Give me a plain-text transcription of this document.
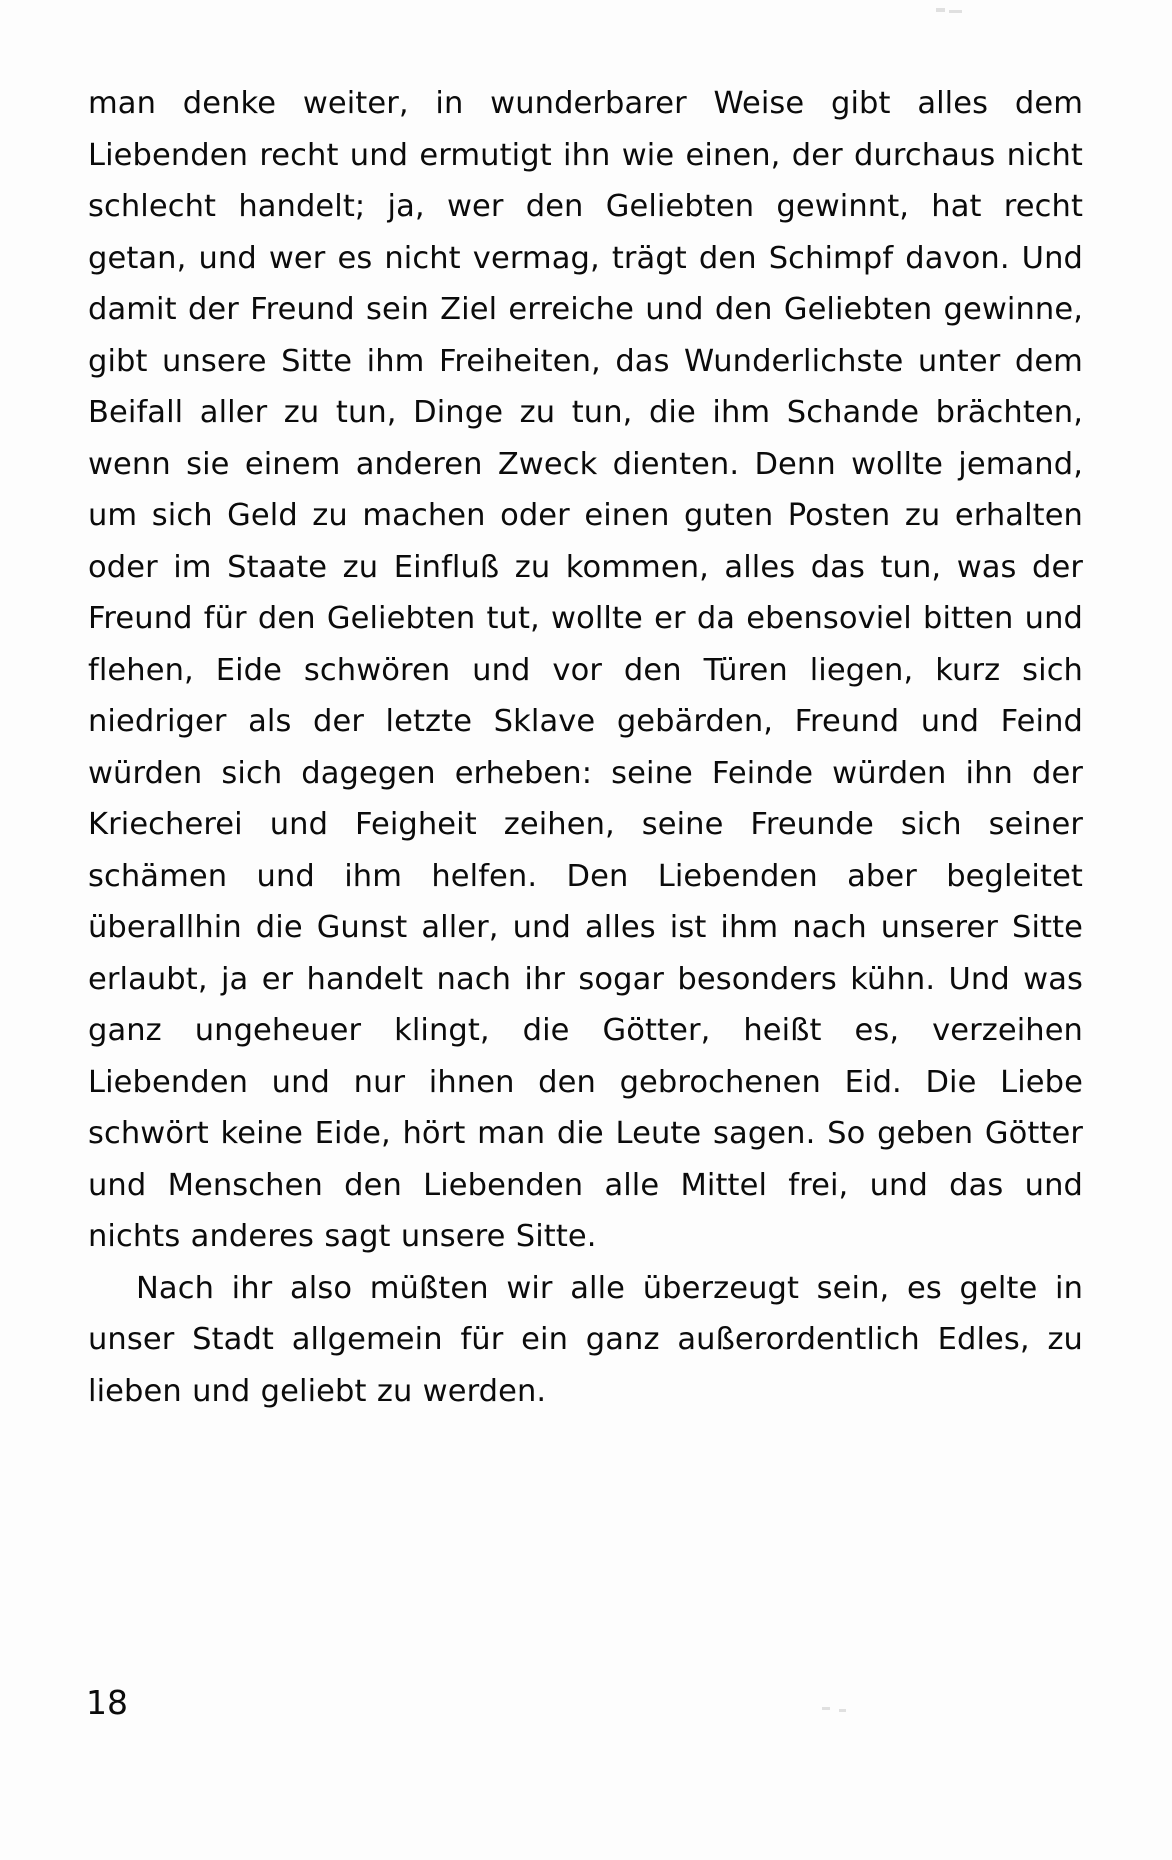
man denke weiter, in wunderbarer Weise gibt alles dem Liebenden recht und ermutigt ihn wie einen, der durchaus nicht schlecht handelt; ja, wer den Geliebten gewinnt, hat recht getan, und wer es nicht vermag, trägt den Schimpf davon. Und damit der Freund sein Ziel erreiche und den Geliebten gewinne, gibt unsere Sitte ihm Freiheiten, das Wunderlichste unter dem Beifall aller zu tun, Dinge zu tun, die ihm Schande brächten, wenn sie einem anderen Zweck dienten. Denn wollte jemand, um sich Geld zu machen oder einen guten Posten zu erhalten oder im Staate zu Einfluß zu kommen, alles das tun, was der Freund für den Geliebten tut, wollte er da ebensoviel bitten und flehen, Eide schwören und vor den Türen liegen, kurz sich niedriger als der letzte Sklave gebärden, Freund und Feind würden sich dagegen erheben: seine Feinde würden ihn der Kriecherei und Feigheit zeihen, seine Freunde sich seiner schämen und ihm helfen. Den Liebenden aber begleitet überallhin die Gunst aller, und alles ist ihm nach unserer Sitte erlaubt, ja er handelt nach ihr sogar besonders kühn. Und was ganz ungeheuer klingt, die Götter, heißt es, verzeihen Liebenden und nur ihnen den gebrochenen Eid. Die Liebe schwört keine Eide, hört man die Leute sagen. So geben Götter und Menschen den Liebenden alle Mittel frei, und das und nichts anderes sagt unsere Sitte.

Nach ihr also müßten wir alle überzeugt sein, es gelte in unser Stadt allgemein für ein ganz außerordentlich Edles, zu lieben und geliebt zu werden.

18
